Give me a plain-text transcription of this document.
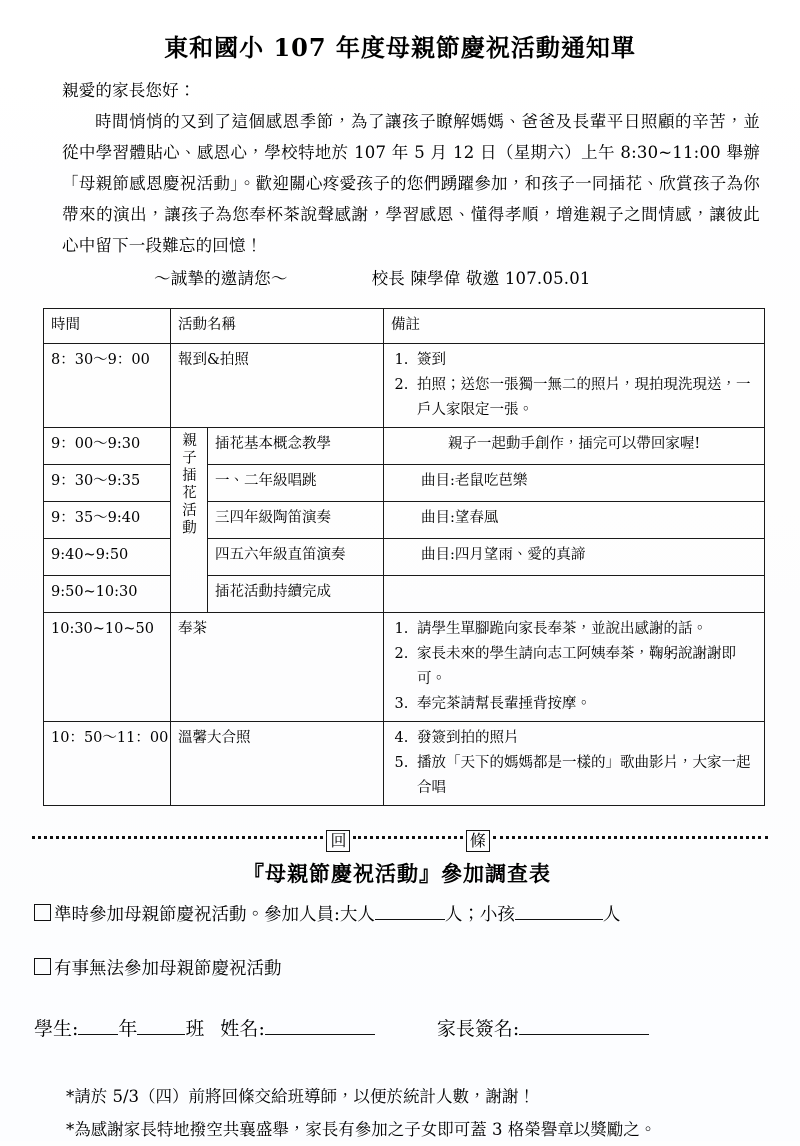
東和國小 107 年度母親節慶祝活動通知單

親愛的家長您好：

時間悄悄的又到了這個感恩季節，為了讓孩子瞭解媽媽、爸爸及長輩平日照顧的辛苦，並從中學習體貼心、感恩心，學校特地於 107 年 5 月 12 日（星期六）上午 8:30~11:00 舉辦「母親節感恩慶祝活動」。歡迎關心疼愛孩子的您們踴躍參加，和孩子一同插花、欣賞孩子為你帶來的演出，讓孩子為您奉杯茶說聲感謝，學習感恩、懂得孝順，增進親子之間情感，讓彼此心中留下一段難忘的回憶！

～誠摯的邀請您～	校長 陳學偉 敬邀 107.05.01
時間	活動名稱		備註
8：30～9：00	報到&拍照	
1.簽到
2. 拍照；送您一張獨一無二的照片，現拍現洗現送，一戶人家限定一張。

9：00～9:30	親子插花活動	插花基本概念教學	親子一起動手創作，插完可以帶回家喔!

9：30～9:35		一、二年級唱跳	曲目:老鼠吃芭樂

9：35～9:40		三四年級陶笛演奏	曲目:望春風

9:40~9:50		四五六年級直笛演奏	曲目:四月望雨、愛的真諦

9:50~10:30		插花活動持續完成	
10:30~10~50	奉茶	
1.請學生單腳跪向家長奉茶，並說出感謝的話。
2. 家長未來的學生請向志工阿姨奉茶，鞠躬說謝謝即可。
3. 奉完茶請幫長輩捶背按摩。

10：50～11：00	溫馨大合照	
4.發簽到拍的照片
5. 播放「天下的媽媽都是一樣的」歌曲影片，大家一起合唱
回	條
『母親節慶祝活動』參加調查表
準時參加母親節慶祝活動。參加人員:大人	人；小孩	人
有事無法參加母親節慶祝活動
學生: 年	班 姓名:	家長簽名:

*請於 5/3（四）前將回條交給班導師，以便於統計人數，謝謝！

*為感謝家長特地撥空共襄盛舉，家長有參加之子女即可蓋 3 格榮譽章以獎勵之。
